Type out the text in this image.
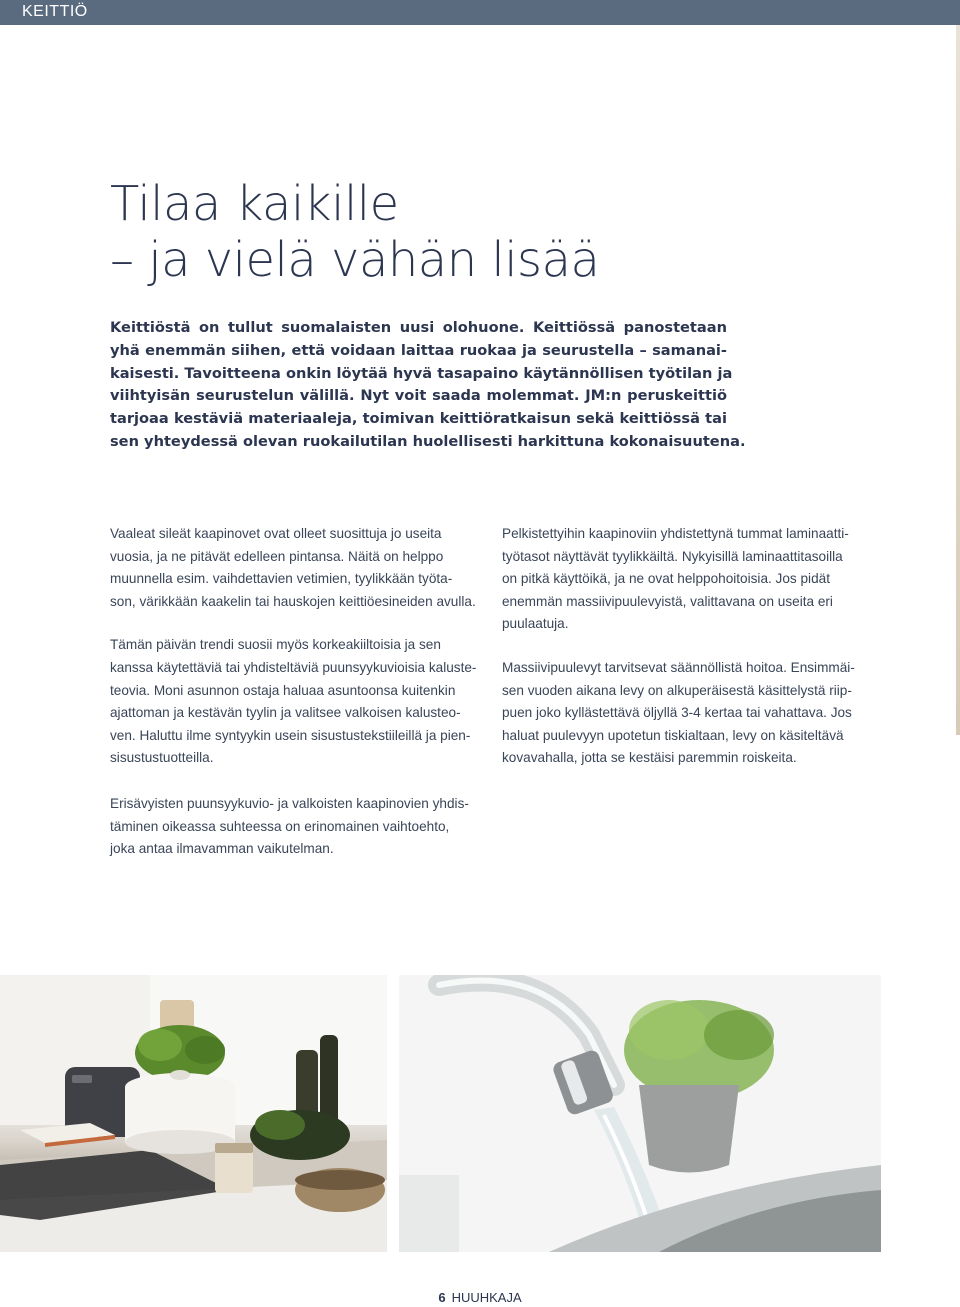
KEITTIÖ
Tilaa kaikille
– ja vielä vähän lisää

Keittiöstä on tullut suomalaisten uusi olohuone. Keittiössä panostetaan
yhä enemmän siihen, että voidaan laittaa ruokaa ja seurustella – samanai-
kaisesti. Tavoitteena onkin löytää hyvä tasapaino käytännöllisen työtilan ja
viihtyisän seurustelun välillä. Nyt voit saada molemmat. JM:n peruskeittiö
tarjoaa kestäviä materiaaleja, toimivan keittiöratkaisun sekä keittiössä tai
sen yhteydessä olevan ruokailutilan huolellisesti harkittuna kokonaisuutena.

Vaaleat sileät kaapinovet ovat olleet suosittuja jo useita
vuosia, ja ne pitävät edelleen pintansa. Näitä on helppo
muunnella esim. vaihdettavien vetimien, tyylikkään työta-
son, värikkään kaakelin tai hauskojen keittiöesineiden avulla.

Tämän päivän trendi suosii myös korkeakiiltoisia ja sen
kanssa käytettäviä tai yhdisteltäviä puunsyykuvioisia kaluste-
teovia. Moni asunnon ostaja haluaa asuntoonsa kuitenkin
ajattoman ja kestävän tyylin ja valitsee valkoisen kalusteo-
ven. Haluttu ilme syntyykin usein sisustustekstiileillä ja pien-
sisustustuotteilla.

Erisävyisten puunsyykuvio- ja valkoisten kaapinovien yhdis-
täminen oikeassa suhteessa on erinomainen vaihtoehto,
joka antaa ilmavamman vaikutelman.

Pelkistettyihin kaapinoviin yhdistettynä tummat laminaatti-
työtasot näyttävät tyylikkäiltä. Nykyisillä laminaattitasoilla
on pitkä käyttöikä, ja ne ovat helppohoitoisia. Jos pidät
enemmän massiivipuulevyistä, valittavana on useita eri
puulaatuja.

Massiivipuulevyt tarvitsevat säännöllistä hoitoa. Ensimmäi-
sen vuoden aikana levy on alkuperäisestä käsittelystä riip-
puen joko kyllästettävä öljyllä 3-4 kertaa tai vahattava. Jos
haluat puulevyyn upotetun tiskialtaan, levy on käsiteltävä
kovavahalla, jotta se kestäisi paremmin roiskeita.

6 HUUHKAJA
